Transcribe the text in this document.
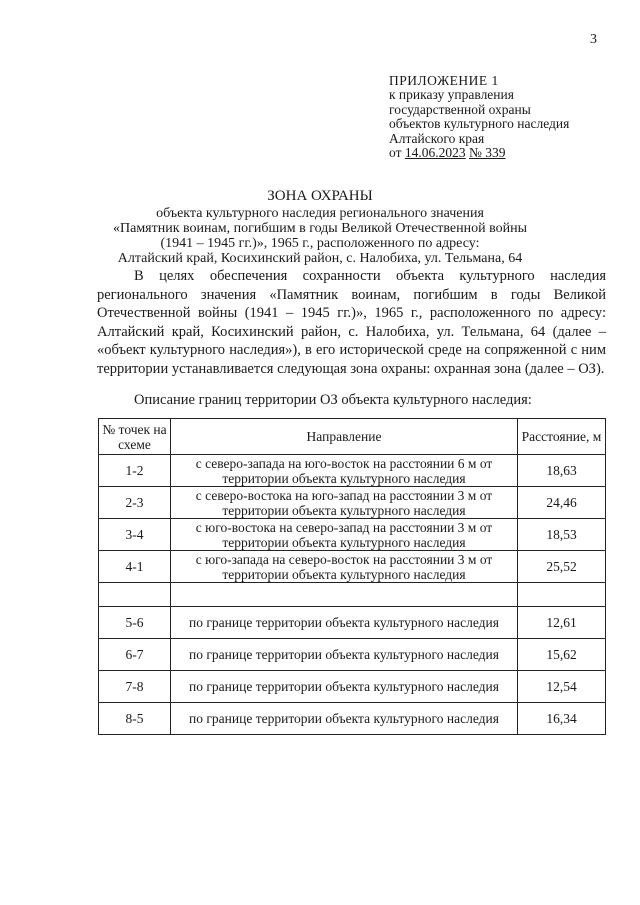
3
ПРИЛОЖЕНИЕ 1
к приказу управления
государственной охраны
объектов культурного наследия
Алтайского края
от 14.06.2023 № 339
ЗОНА ОХРАНЫ
объекта культурного наследия регионального значения
«Памятник воинам, погибшим в годы Великой Отечественной войны
(1941 – 1945 гг.)», 1965 г., расположенного по адресу:
Алтайский край, Косихинский район, с. Налобиха, ул. Тельмана, 64

В целях обеспечения сохранности объекта культурного наследия регионального значения «Памятник воинам, погибшим в годы Великой Отечественной войны (1941 – 1945 гг.)», 1965 г., расположенного по адресу: Алтайский край, Косихинский район, с. Налобиха, ул. Тельмана, 64 (далее – «объект культурного наследия»), в его исторической среде на сопряженной с ним территории устанавливается следующая зона охраны: охранная зона (далее – ОЗ).

Описание границ территории ОЗ объекта культурного наследия:
№ точек на схеме	Направление	Расстояние, м
1-2	с северо-запада на юго-восток на расстоянии 6 м от территории объекта культурного наследия	18,63
2-3	с северо-востока на юго-запад на расстоянии 3 м от территории объекта культурного наследия	24,46
3-4	с юго-востока на северо-запад на расстоянии 3 м от территории объекта культурного наследия	18,53
4-1	с юго-запада на северо-восток на расстоянии 3 м от территории объекта культурного наследия	25,52

5-6	по границе территории объекта культурного наследия	12,61
6-7	по границе территории объекта культурного наследия	15,62
7-8	по границе территории объекта культурного наследия	12,54
8-5	по границе территории объекта культурного наследия	16,34
